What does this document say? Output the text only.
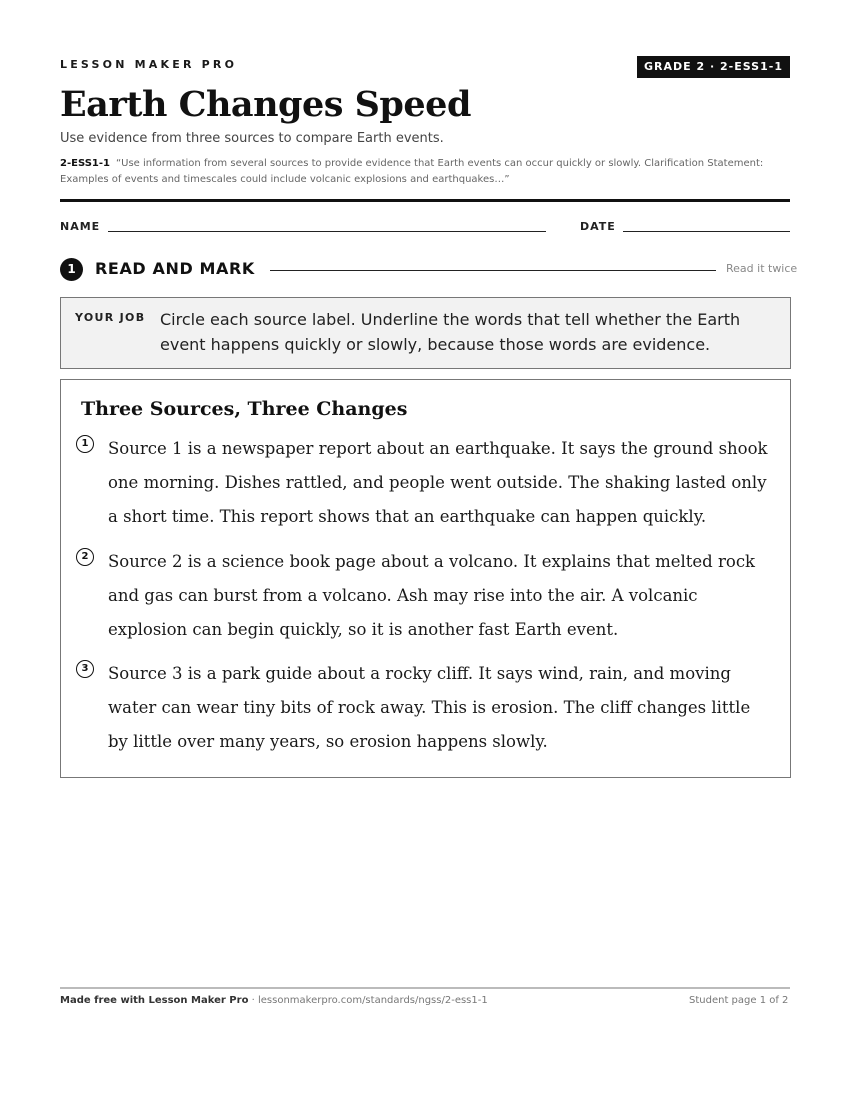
LESSON MAKER PRO	GRADE 2 · 2-ESS1-1
Earth Changes Speed
Use evidence from three sources to compare Earth events.
2-ESS1-1 “Use information from several sources to provide evidence that Earth events can occur quickly or slowly. Clarification Statement: Examples of events and timescales could include volcanic explosions and earthquakes…”
NAME	DATE
1	READ AND MARK	Read it twice
YOUR JOB Circle each source label. Underline the words that tell whether the Earth event happens quickly or slowly, because those words are evidence.
Three Sources, Three Changes
1	Source 1 is a newspaper report about an earthquake. It says the ground shook one morning. Dishes rattled, and people went outside. The shaking lasted only a short time. This report shows that an earthquake can happen quickly.
2	Source 2 is a science book page about a volcano. It explains that melted rock and gas can burst from a volcano. Ash may rise into the air. A volcanic explosion can begin quickly, so it is another fast Earth event.
3	Source 3 is a park guide about a rocky cliff. It says wind, rain, and moving water can wear tiny bits of rock away. This is erosion. The cliff changes little by little over many years, so erosion happens slowly.
Made free with Lesson Maker Pro · lessonmakerpro.com/standards/ngss/2-ess1-1	Student page 1 of 2
